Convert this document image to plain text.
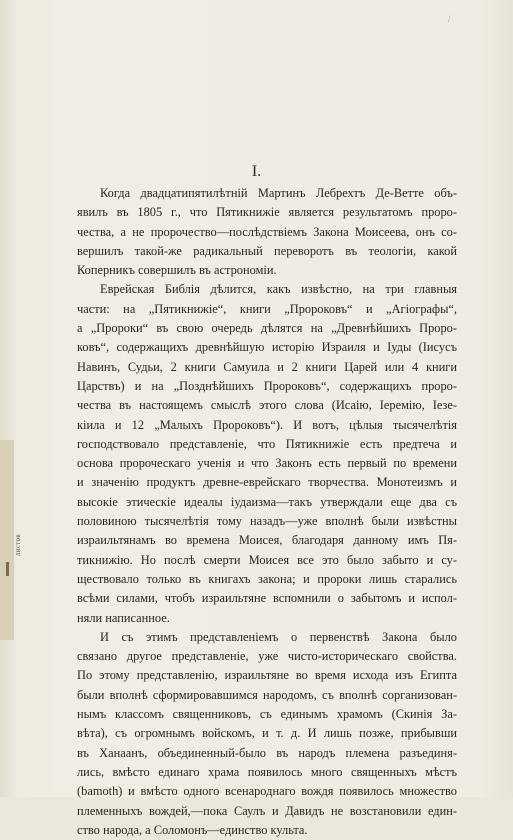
листов
/
I.
Когда двадцатипятилѣтній Мартинъ Лебрехтъ Де-Ветте объ-
явилъ въ 1805 г., что Пятикнижіе является результатомъ проро-
чества, а не пророчество—послѣдствіемъ Закона Моисеева, онъ со-
вершилъ такой-же радикальный переворотъ въ теологіи, какой
Коперникъ совершилъ въ астрономіи.
Еврейская Библія дѣлится, какъ извѣстно, на три главныя
части: на „Пятикнижіе“, книги „Пророковъ“ и „Агіографы“,
а „Пророки“ въ свою очередь дѣлятся на „Древнѣйшихъ Проро-
ковъ“, содержащихъ древнѣйшую исторію Израиля и Іуды (Іисусъ
Навинъ, Судьи, 2 книги Самуила и 2 книги Царей или 4 книги
Царствъ) и на „Позднѣйшихъ Пророковъ“, содержащихъ проро-
чества въ настоящемъ смыслѣ этого слова (Исаію, Іеремію, Іезе-
кіила и 12 „Малыхъ Пророковъ“). И вотъ, цѣлыя тысячелѣтія
господствовало представленіе, что Пятикнижіе есть предтеча и
основа пророческаго ученія и что Законъ есть первый по времени
и значенію продуктъ древне-еврейскаго творчества. Монотеизмъ и
высокіе этическіе идеалы іудаизма—такъ утверждали еще два съ
половиною тысячелѣтія тому назадъ—уже вполнѣ были извѣстны
израильтянамъ во времена Моисея, благодаря данному имъ Пя-
тикнижію. Но послѣ смерти Моисея все это было забыто и су-
ществовало только въ книгахъ закона; и пророки лишь старались
всѣми силами, чтобъ израильтяне вспомнили о забытомъ и испол-
няли написанное.
И съ этимъ представленіемъ о первенствѣ Закона было
связано другое представленіе, уже чисто-историческаго свойства.
По этому представленію, израильтяне во время исхода изъ Египта
были вполнѣ сформировавшимся народомъ, съ вполнѣ сорганизован-
нымъ классомъ священниковъ, съ единымъ храмомъ (Скинія За-
вѣта), съ огромнымъ войскомъ, и т. д. И лишь позже, прибывши
въ Ханаанъ, объединенный-было въ народъ племена разъединя-
лись, вмѣсто единаго храма появилось много священныхъ мѣстъ
(bamoth) и вмѣсто одного всенароднаго вождя появилось множество
племенныхъ вождей,—пока Саулъ и Давидъ не возстановили един-
ство народа, а Соломонъ—единство культа.
